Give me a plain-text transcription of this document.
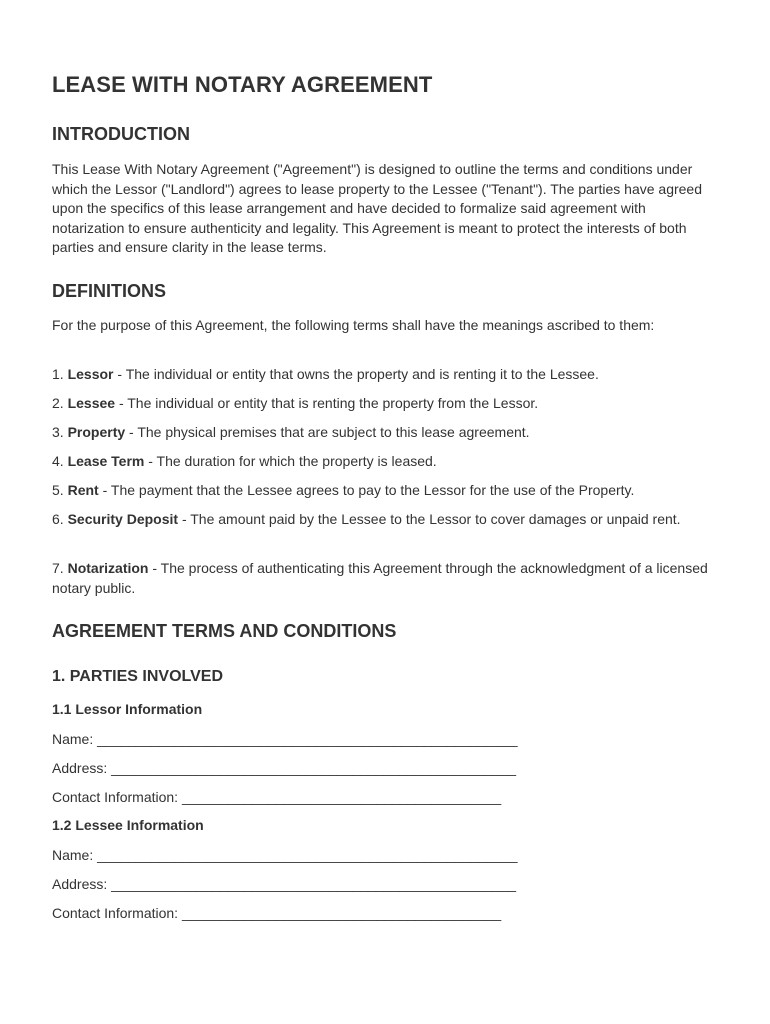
LEASE WITH NOTARY AGREEMENT
INTRODUCTION

This Lease With Notary Agreement ("Agreement") is designed to outline the terms and conditions under which the Lessor ("Landlord") agrees to lease property to the Lessee ("Tenant"). The parties have agreed upon the specifics of this lease arrangement and have decided to formalize said agreement with notarization to ensure authenticity and legality. This Agreement is meant to protect the interests of both parties and ensure clarity in the lease terms.

DEFINITIONS

For the purpose of this Agreement, the following terms shall have the meanings ascribed to them:

1. Lessor - The individual or entity that owns the property and is renting it to the Lessee.

2. Lessee - The individual or entity that is renting the property from the Lessor.

3. Property - The physical premises that are subject to this lease agreement.

4. Lease Term - The duration for which the property is leased.

5. Rent - The payment that the Lessee agrees to pay to the Lessor for the use of the Property.

6. Security Deposit - The amount paid by the Lessee to the Lessor to cover damages or unpaid rent.

7. Notarization - The process of authenticating this Agreement through the acknowledgment of a licensed notary public.

AGREEMENT TERMS AND CONDITIONS
1. PARTIES INVOLVED
1.1 Lessor Information

Name: ______________________________________________________

Address: ____________________________________________________

Contact Information: _________________________________________

1.2 Lessee Information

Name: ______________________________________________________

Address: ____________________________________________________

Contact Information: _________________________________________
